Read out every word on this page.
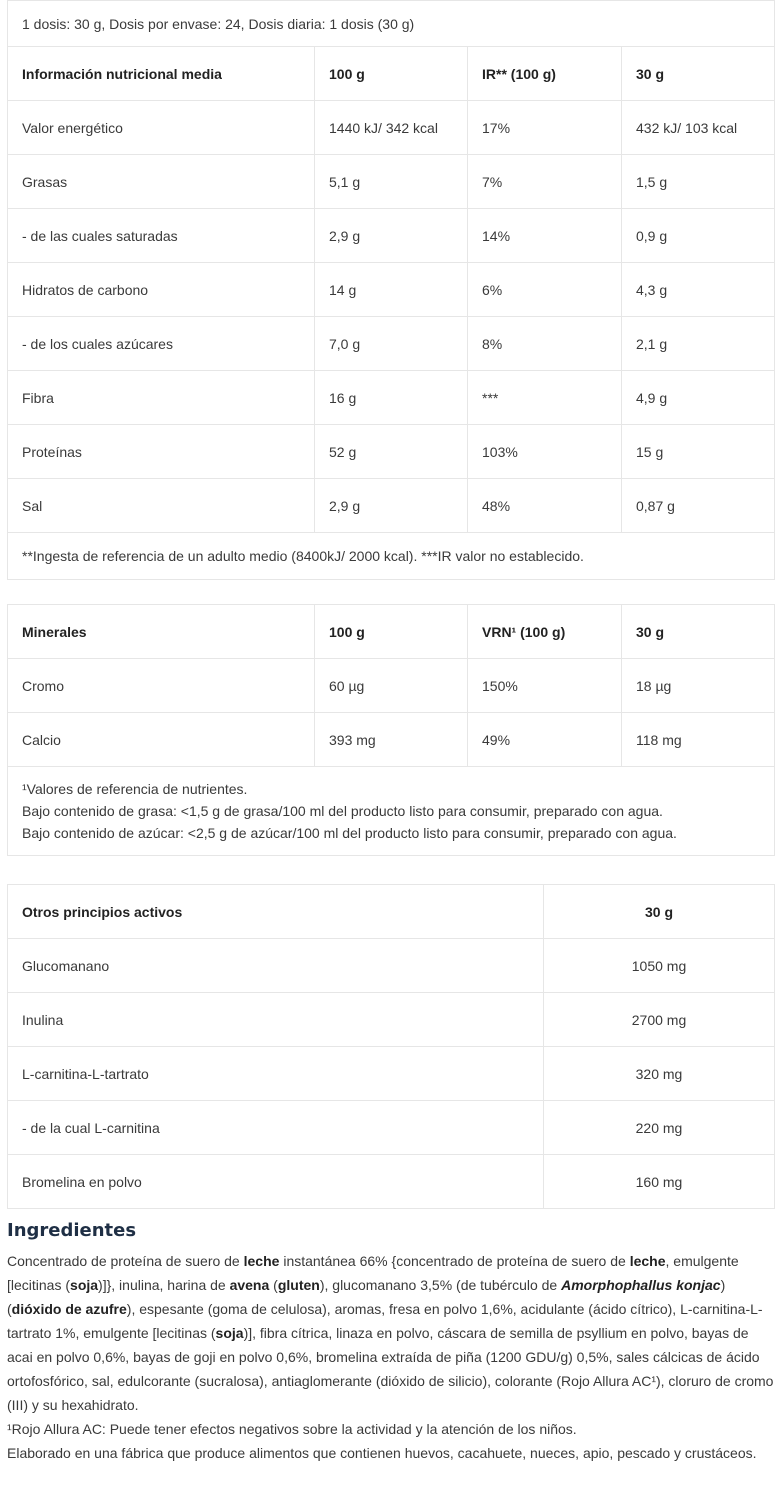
1 dosis: 30 g, Dosis por envase: 24, Dosis diaria: 1 dosis (30 g)			
Información nutricional media	100 g	IR** (100 g)	30 g
Valor energético	1440 kJ/ 342 kcal	17%	432 kJ/ 103 kcal
Grasas	5,1 g	7%	1,5 g
- de las cuales saturadas	2,9 g	14%	0,9 g
Hidratos de carbono	14 g	6%	4,3 g
- de los cuales azúcares	7,0 g	8%	2,1 g
Fibra	16 g	***	4,9 g
Proteínas	52 g	103%	15 g
Sal	2,9 g	48%	0,87 g
**Ingesta de referencia de un adulto medio (8400kJ/ 2000 kcal). ***IR valor no establecido.			
Minerales	100 g	VRN¹ (100 g)	30 g
Cromo	60 µg	150%	18 µg
Calcio	393 mg	49%	118 mg

¹Valores de referencia de nutrientes.
Bajo contenido de grasa: <1,5 g de grasa/100 ml del producto listo para consumir, preparado con agua.
Bajo contenido de azúcar: <2,5 g de azúcar/100 ml del producto listo para consumir, preparado con agua.			
Otros principios activos	30 g
Glucomanano	1050 mg
Inulina	2700 mg
L-carnitina-L-tartrato	320 mg
- de la cual L-carnitina	220 mg
Bromelina en polvo	160 mg
Ingredientes

Concentrado de proteína de suero de leche instantánea 66% {concentrado de proteína de suero de leche, emulgente [lecitinas (soja)]}, inulina, harina de avena (gluten), glucomanano 3,5% (de tubérculo de Amorphophallus konjac) (dióxido de azufre), espesante (goma de celulosa), aromas, fresa en polvo 1,6%, acidulante (ácido cítrico), L-carnitina-L-tartrato 1%, emulgente [lecitinas (soja)], fibra cítrica, linaza en polvo, cáscara de semilla de psyllium en polvo, bayas de acai en polvo 0,6%, bayas de goji en polvo 0,6%, bromelina extraída de piña (1200 GDU/g) 0,5%, sales cálcicas de ácido ortofosfórico, sal, edulcorante (sucralosa), antiaglomerante (dióxido de silicio), colorante (Rojo Allura AC¹), cloruro de cromo (III) y su hexahidrato.

¹Rojo Allura AC: Puede tener efectos negativos sobre la actividad y la atención de los niños.

Elaborado en una fábrica que produce alimentos que contienen huevos, cacahuete, nueces, apio, pescado y crustáceos.
